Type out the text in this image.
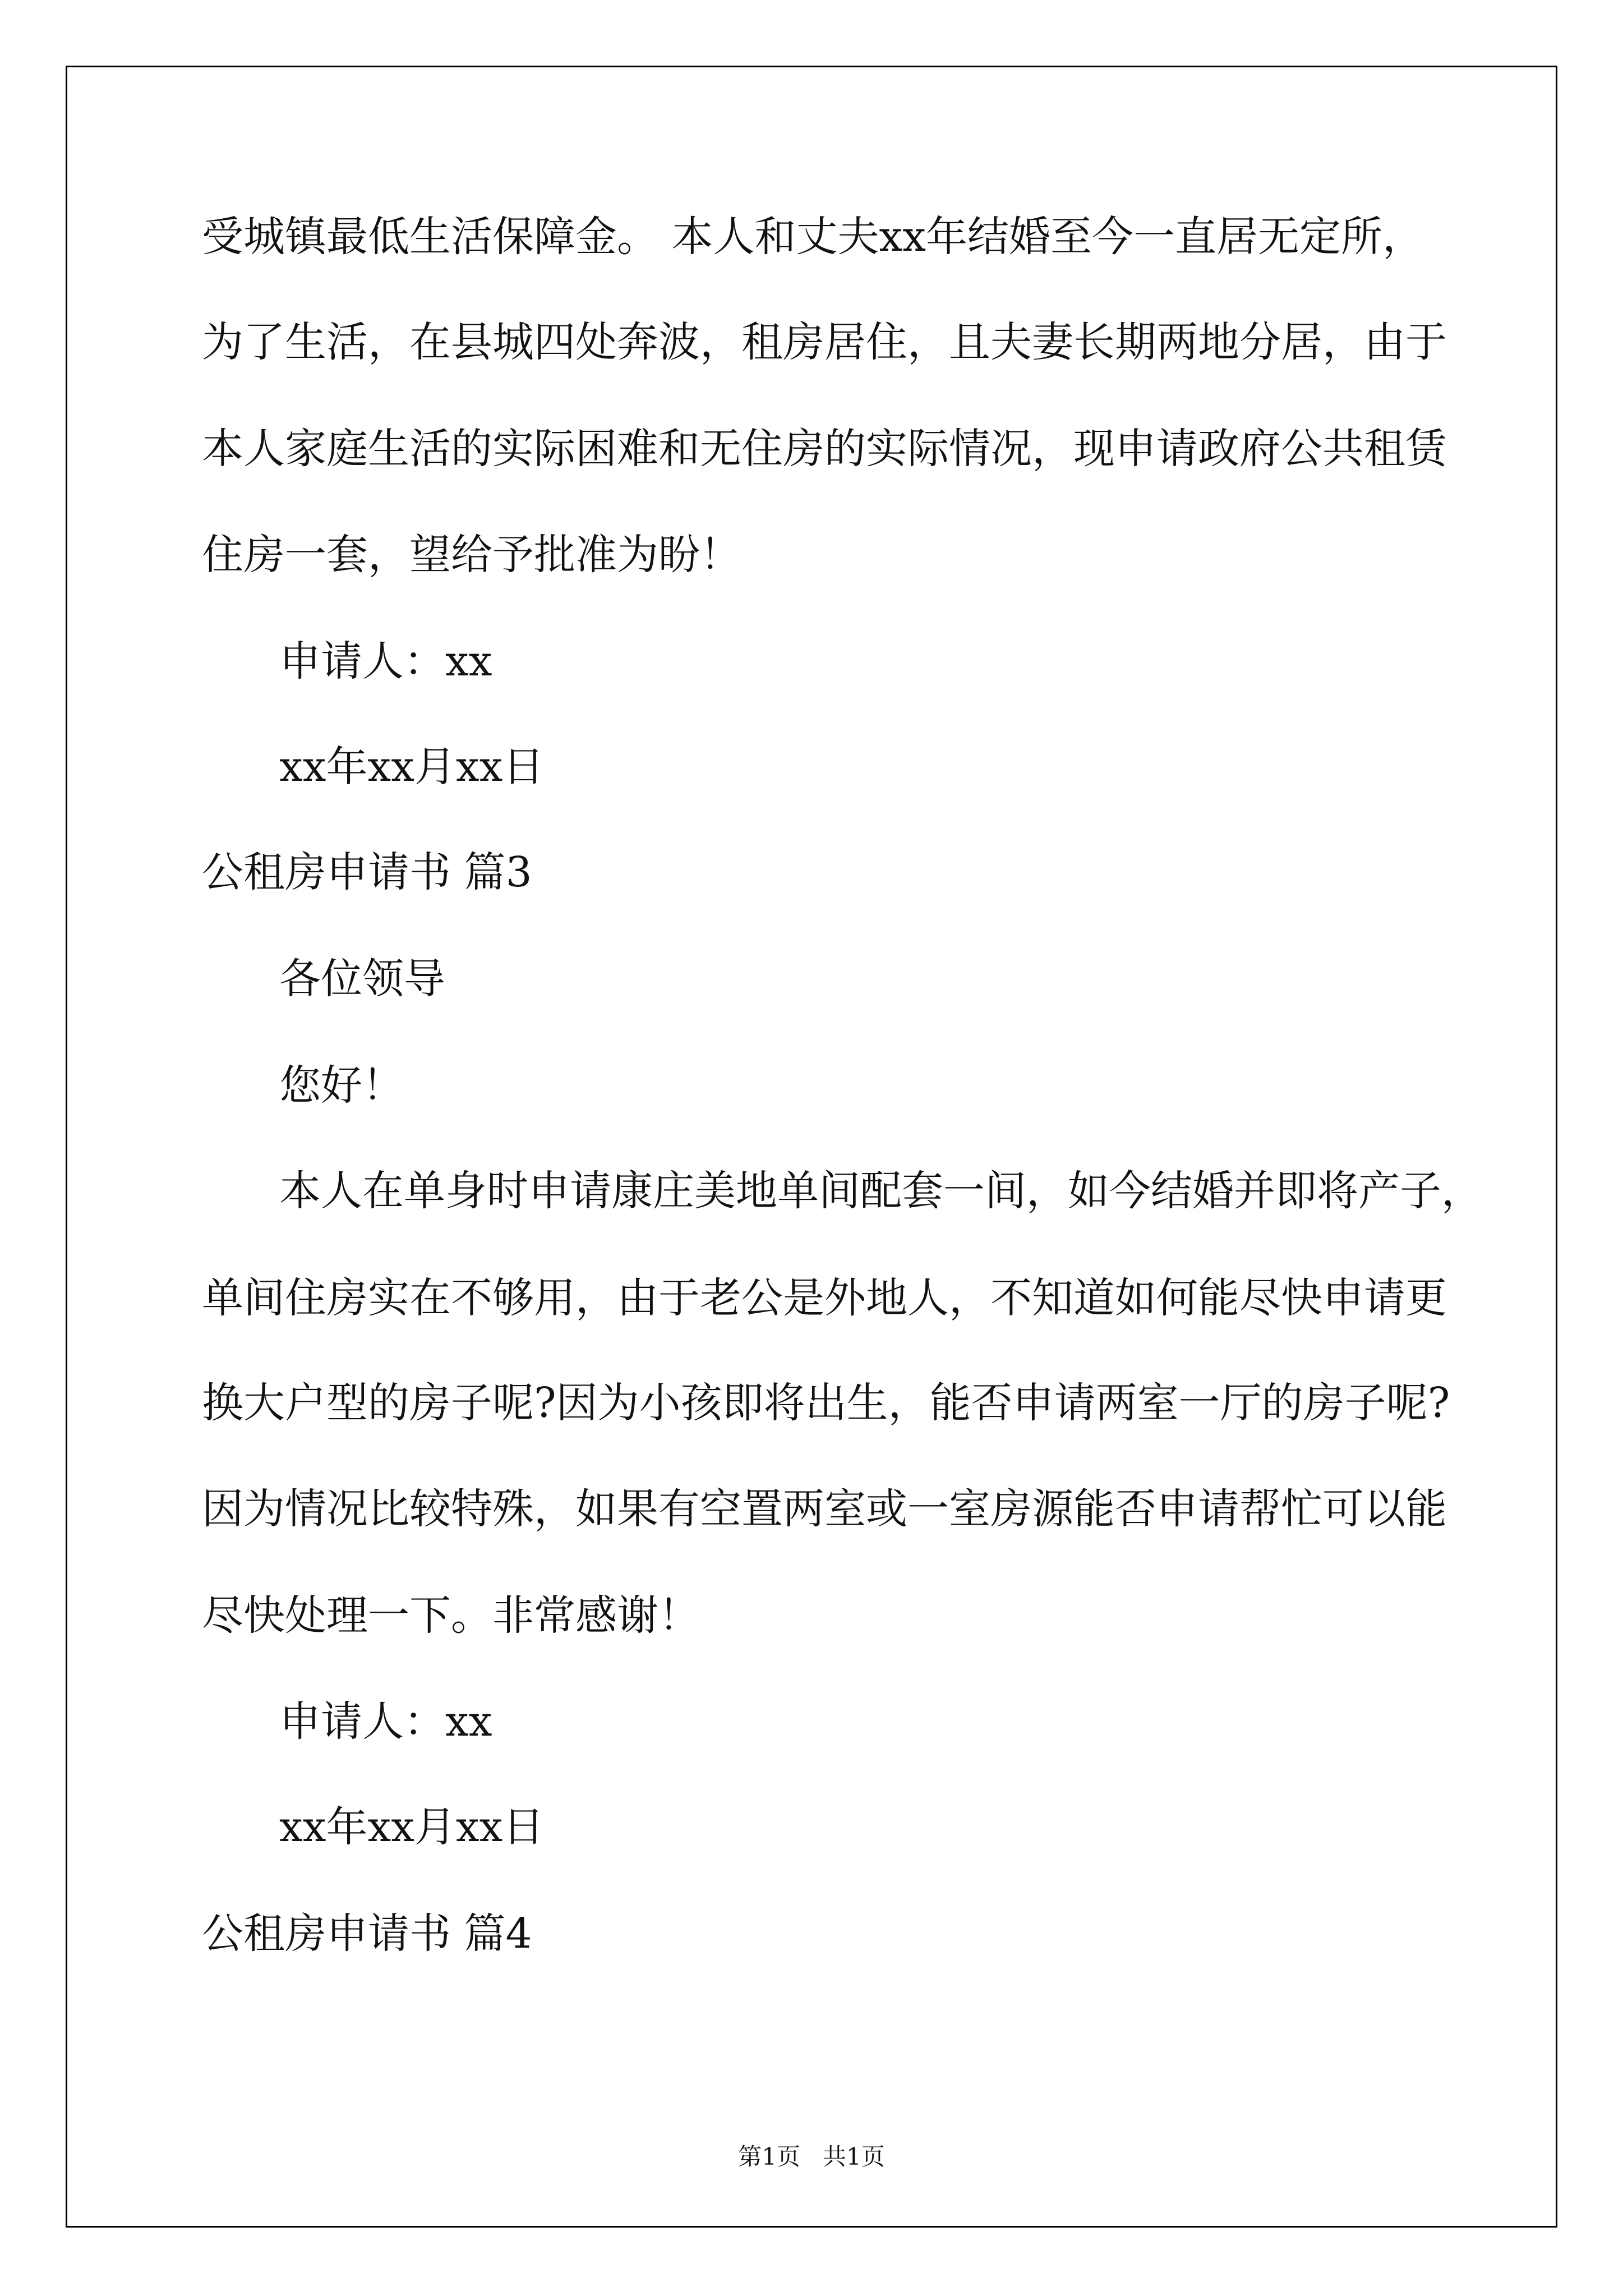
受城镇最低生活保障金。 本人和丈夫xx年结婚至今一直居无定所，
为了生活，在县城四处奔波，租房居住，且夫妻长期两地分居，由于
本人家庭生活的实际困难和无住房的实际情况，现申请政府公共租赁
住房一套，望给予批准为盼！
申请人：xx
xx年xx月xx日
公租房申请书 篇3
各位领导
您好！
本人在单身时申请康庄美地单间配套一间，如今结婚并即将产子，
单间住房实在不够用，由于老公是外地人，不知道如何能尽快申请更
换大户型的房子呢?因为小孩即将出生，能否申请两室一厅的房子呢?
因为情况比较特殊，如果有空置两室或一室房源能否申请帮忙可以能
尽快处理一下。非常感谢！
申请人：xx
xx年xx月xx日
公租房申请书 篇4
第1页   共1页
